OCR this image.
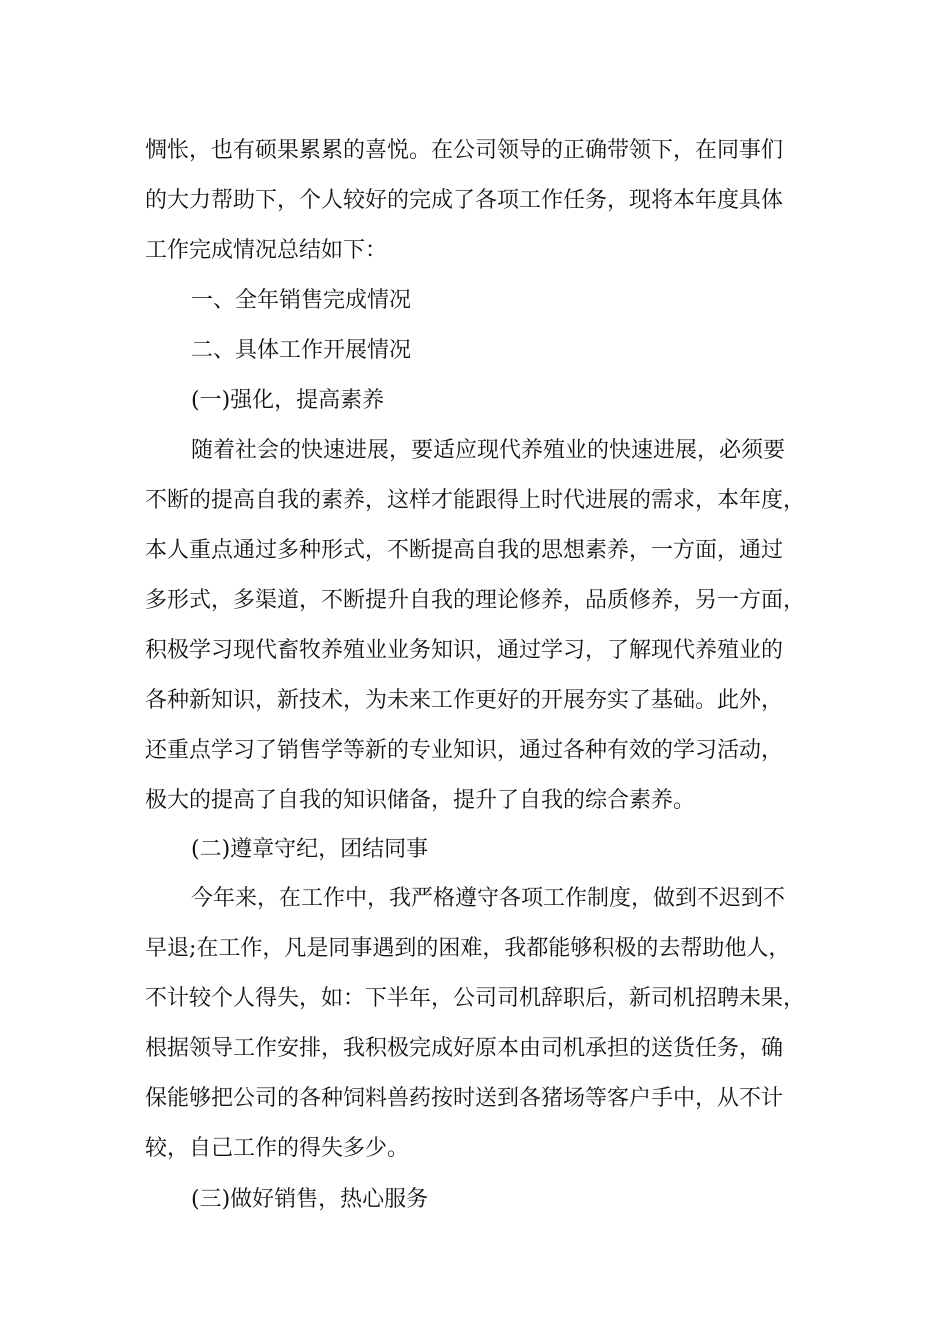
惆怅，也有硕果累累的喜悦。在公司领导的正确带领下，在同事们
的大力帮助下，个人较好的完成了各项工作任务，现将本年度具体
工作完成情况总结如下：
一、全年销售完成情况
二、具体工作开展情况
(一)强化，提高素养
随着社会的快速进展，要适应现代养殖业的快速进展，必须要
不断的提高自我的素养，这样才能跟得上时代进展的需求，本年度，
本人重点通过多种形式，不断提高自我的思想素养，一方面，通过
多形式，多渠道，不断提升自我的理论修养，品质修养，另一方面，
积极学习现代畜牧养殖业业务知识，通过学习，了解现代养殖业的
各种新知识，新技术，为未来工作更好的开展夯实了基础。此外，
还重点学习了销售学等新的专业知识，通过各种有效的学习活动，
极大的提高了自我的知识储备，提升了自我的综合素养。
(二)遵章守纪，团结同事
今年来，在工作中，我严格遵守各项工作制度，做到不迟到不
早退;在工作，凡是同事遇到的困难，我都能够积极的去帮助他人，
不计较个人得失，如：下半年，公司司机辞职后，新司机招聘未果，
根据领导工作安排，我积极完成好原本由司机承担的送货任务，确
保能够把公司的各种饲料兽药按时送到各猪场等客户手中，从不计
较，自己工作的得失多少。
(三)做好销售，热心服务
